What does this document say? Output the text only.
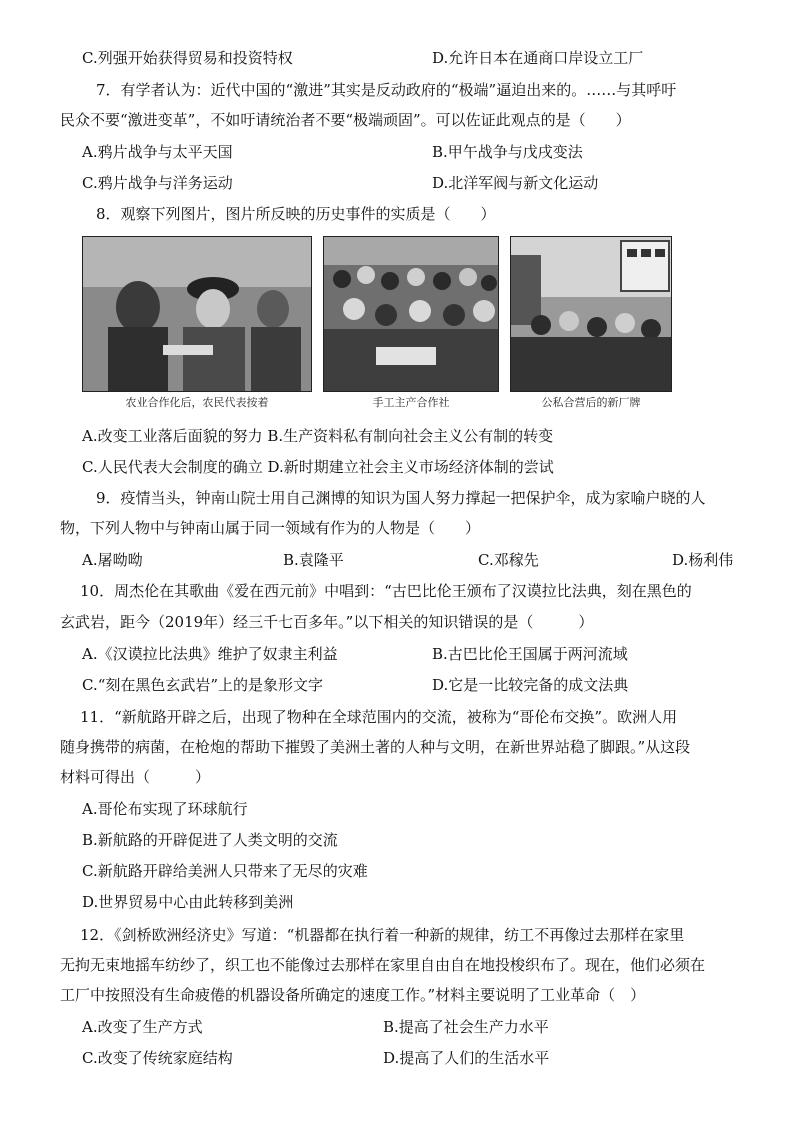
C.列强开始获得贸易和投资特权	D.允许日本在通商口岸设立工厂
7．有学者认为：近代中国的“激进”其实是反动政府的“极端”逼迫出来的。……与其呼吁
民众不要“激进变革”，不如吁请统治者不要“极端顽固”。可以佐证此观点的是（　　）
A.鸦片战争与太平天国	B.甲午战争与戊戌变法
C.鸦片战争与洋务运动	D.北洋军阀与新文化运动
8．观察下列图片，图片所反映的历史事件的实质是（　　）
农业合作化后，农民代表按着	手工主产合作社	公私合营后的新厂牌
A.改变工业落后面貌的努力 B.生产资料私有制向社会主义公有制的转变
C.人民代表大会制度的确立 D.新时期建立社会主义市场经济体制的尝试
9．疫情当头，钟南山院士用自己渊博的知识为国人努力撑起一把保护伞，成为家喻户晓的人
物，下列人物中与钟南山属于同一领域有作为的人物是（　　）
A.屠呦呦	B.袁隆平	C.邓稼先	D.杨利伟
10．周杰伦在其歌曲《爱在西元前》中唱到：“古巴比伦王颁布了汉谟拉比法典，刻在黑色的
玄武岩，距今（2019年）经三千七百多年。”以下相关的知识错误的是（　　　）
A.《汉谟拉比法典》维护了奴隶主利益	B.古巴比伦王国属于两河流域
C.“刻在黑色玄武岩”上的是象形文字	D.它是一比较完备的成文法典
11．“新航路开辟之后，出现了物种在全球范围内的交流，被称为“哥伦布交换”。欧洲人用
随身携带的病菌，在枪炮的帮助下摧毁了美洲土著的人种与文明，在新世界站稳了脚跟。”从这段
材料可得出（　　　）
A.哥伦布实现了环球航行
B.新航路的开辟促进了人类文明的交流
C.新航路开辟给美洲人只带来了无尽的灾难
D.世界贸易中心由此转移到美洲
12．《剑桥欧洲经济史》写道：“机器都在执行着一种新的规律，纺工不再像过去那样在家里
无拘无束地摇车纺纱了，织工也不能像过去那样在家里自由自在地投梭织布了。现在，他们必须在
工厂中按照没有生命疲倦的机器设备所确定的速度工作。”材料主要说明了工业革命（　）
A.改变了生产方式	B.提高了社会生产力水平
C.改变了传统家庭结构	D.提高了人们的生活水平
